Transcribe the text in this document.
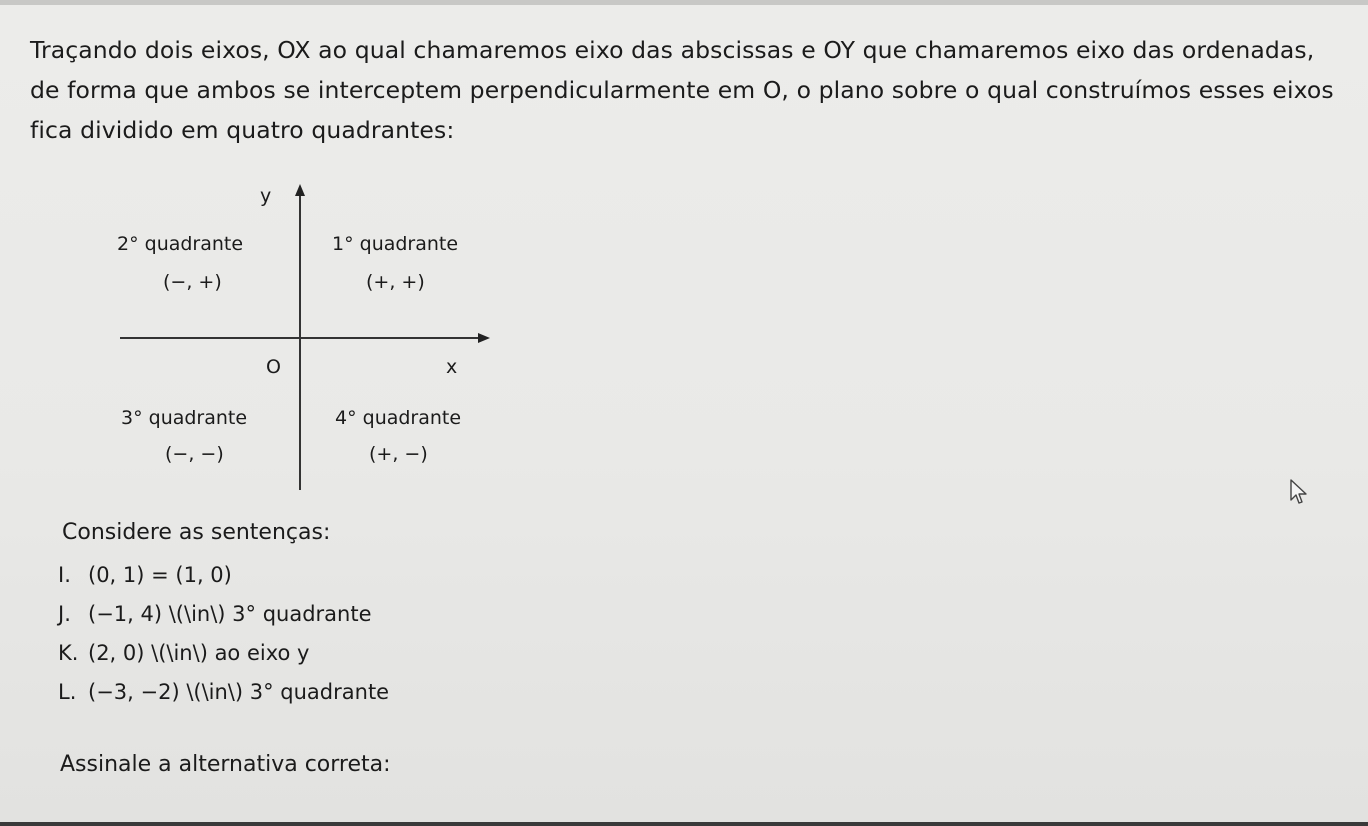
Traçando dois eixos, OX ao qual chamaremos eixo das abscissas e OY que chamaremos eixo das ordenadas, de forma que ambos se interceptem perpendicularmente em O, o plano sobre o qual construímos esses eixos fica dividido em quatro quadrantes:

y
x
O
1° quadrante
(+, +)
2° quadrante
(−, +)
3° quadrante
(−, −)
4° quadrante
(+, −)
Considere as sentenças:
I. (0, 1) = (1, 0)
J. (−1, 4) \(\in\) 3° quadrante
K. (2, 0) \(\in\) ao eixo y
L. (−3, −2) \(\in\) 3° quadrante

Assinale a alternativa correta:
